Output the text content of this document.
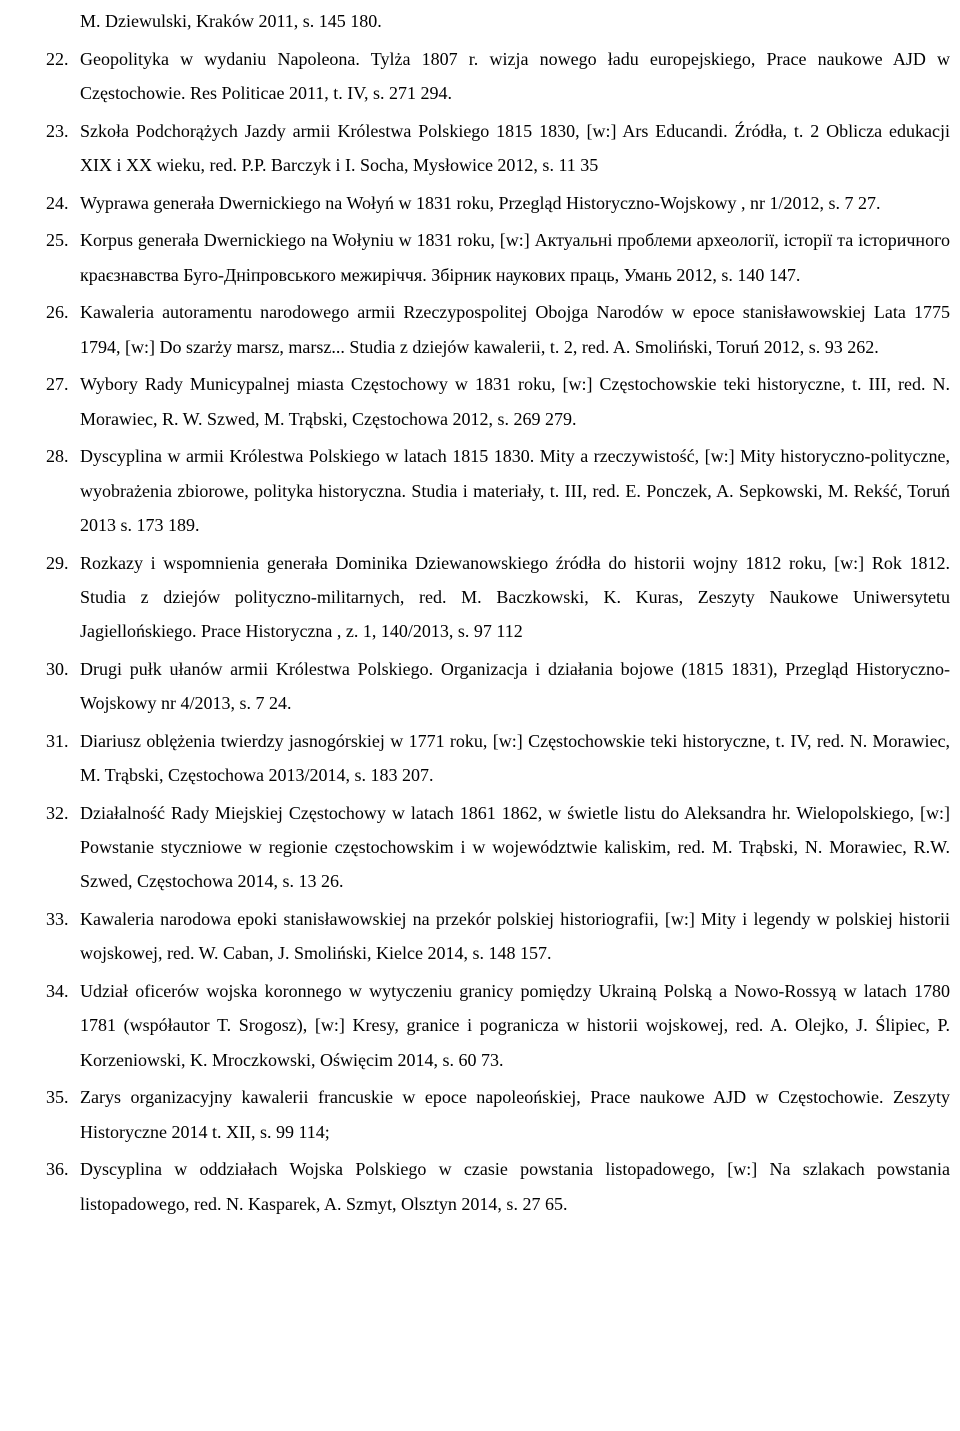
M. Dziewulski, Kraków 2011, s. 145 180.
22. Geopolityka w wydaniu Napoleona. Tylża 1807 r. wizja nowego ładu europejskiego, Prace naukowe AJD w Częstochowie. Res Politicae 2011, t. IV, s. 271 294.
23. Szkoła Podchorążych Jazdy armii Królestwa Polskiego 1815 1830, [w:] Ars Educandi. Źródła, t. 2 Oblicza edukacji XIX i XX wieku, red. P.P. Barczyk i I. Socha, Mysłowice 2012, s. 11 35
24. Wyprawa generała Dwernickiego na Wołyń w 1831 roku, Przegląd Historyczno-Wojskowy , nr 1/2012, s. 7 27.
25. Korpus generała Dwernickiego na Wołyniu w 1831 roku, [w:] Актуальні проблеми археології, історії та історичного краєзнавства Буго-Дніпровського межиріччя. Збірник наукових праць, Умань 2012, s. 140 147.
26. Kawaleria autoramentu narodowego armii Rzeczypospolitej Obojga Narodów w epoce stanisławowskiej Lata 1775 1794, [w:] Do szarży marsz, marsz... Studia z dziejów kawalerii, t. 2, red. A. Smoliński, Toruń 2012, s. 93 262.
27. Wybory Rady Municypalnej miasta Częstochowy w 1831 roku, [w:] Częstochowskie teki historyczne, t. III, red. N. Morawiec, R. W. Szwed, M. Trąbski, Częstochowa 2012, s. 269 279.
28. Dyscyplina w armii Królestwa Polskiego w latach 1815 1830. Mity a rzeczywistość, [w:] Mity historyczno-polityczne, wyobrażenia zbiorowe, polityka historyczna. Studia i materiały, t. III, red. E. Ponczek, A. Sepkowski, M. Rekść, Toruń 2013 s. 173 189.
29. Rozkazy i wspomnienia generała Dominika Dziewanowskiego źródła do historii wojny 1812 roku, [w:] Rok 1812. Studia z dziejów polityczno-militarnych, red. M. Baczkowski, K. Kuras, Zeszyty Naukowe Uniwersytetu Jagiellońskiego. Prace Historyczna , z. 1, 140/2013, s. 97 112
30. Drugi pułk ułanów armii Królestwa Polskiego. Organizacja i działania bojowe (1815 1831), Przegląd Historyczno-Wojskowy nr 4/2013, s. 7 24.
31. Diariusz oblężenia twierdzy jasnogórskiej w 1771 roku, [w:] Częstochowskie teki historyczne, t. IV, red. N. Morawiec, M. Trąbski, Częstochowa 2013/2014, s. 183 207.
32. Działalność Rady Miejskiej Częstochowy w latach 1861 1862, w świetle listu do Aleksandra hr. Wielopolskiego, [w:] Powstanie styczniowe w regionie częstochowskim i w województwie kaliskim, red. M. Trąbski, N. Morawiec, R.W. Szwed, Częstochowa 2014, s. 13 26.
33. Kawaleria narodowa epoki stanisławowskiej na przekór polskiej historiografii, [w:] Mity i legendy w polskiej historii wojskowej, red. W. Caban, J. Smoliński, Kielce 2014, s. 148 157.
34. Udział oficerów wojska koronnego w wytyczeniu granicy pomiędzy Ukrainą Polską a Nowo-Rossyą w latach 1780 1781 (współautor T. Srogosz), [w:] Kresy, granice i pogranicza w historii wojskowej, red. A. Olejko, J. Ślipiec, P. Korzeniowski, K. Mroczkowski, Oświęcim 2014, s. 60 73.
35. Zarys organizacyjny kawalerii francuskie w epoce napoleońskiej, Prace naukowe AJD w Częstochowie. Zeszyty Historyczne 2014 t. XII, s. 99 114;
36. Dyscyplina w oddziałach Wojska Polskiego w czasie powstania listopadowego, [w:] Na szlakach powstania listopadowego, red. N. Kasparek, A. Szmyt, Olsztyn 2014, s. 27 65.
